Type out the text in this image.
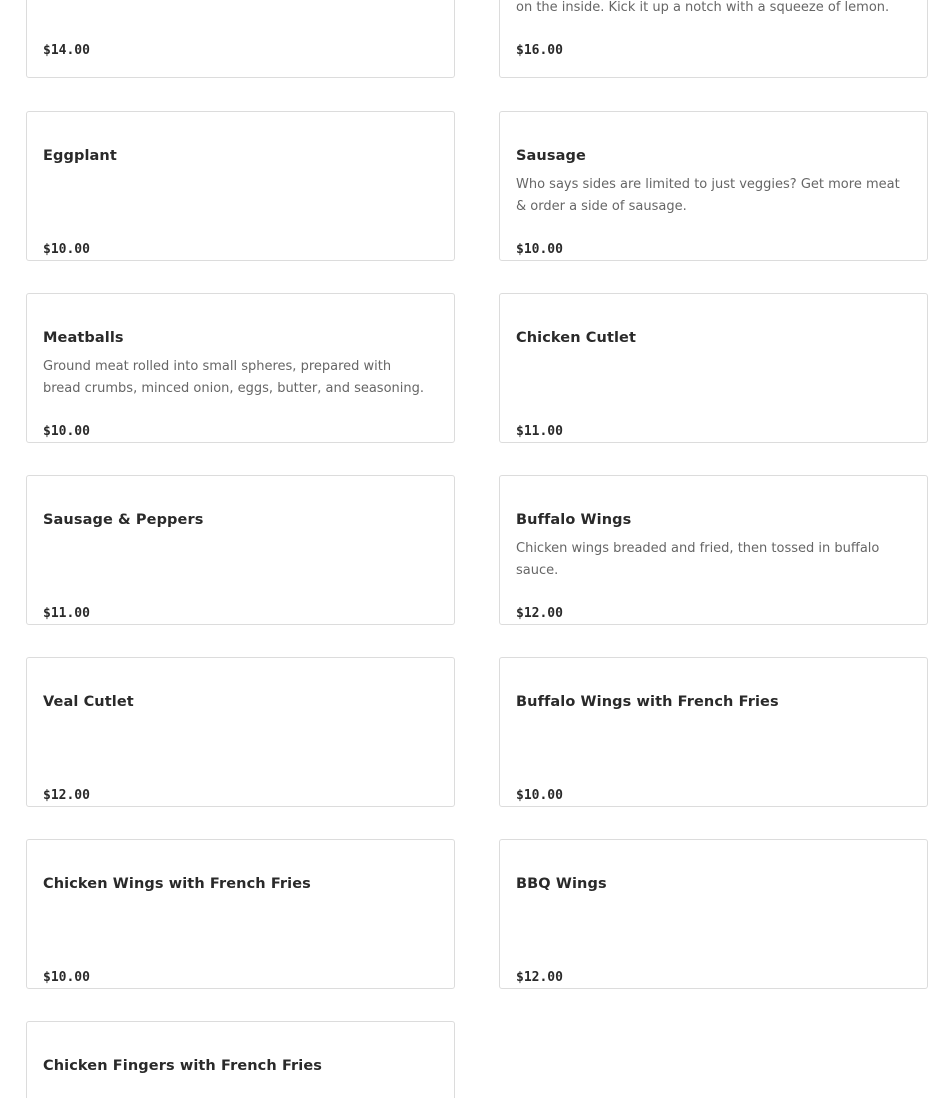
$14.00
on the inside. Kick it up a notch with a squeeze of lemon.
$16.00
Eggplant
$10.00
Sausage
Who says sides are limited to just veggies? Get more meat & order a side of sausage.
$10.00
Meatballs
Ground meat rolled into small spheres, prepared with bread crumbs, minced onion, eggs, butter, and seasoning.
$10.00
Chicken Cutlet
$11.00
Sausage & Peppers
$11.00
Buffalo Wings
Chicken wings breaded and fried, then tossed in buffalo sauce.
$12.00
Veal Cutlet
$12.00
Buffalo Wings with French Fries
$10.00
Chicken Wings with French Fries
$10.00
BBQ Wings
$12.00
Chicken Fingers with French Fries
